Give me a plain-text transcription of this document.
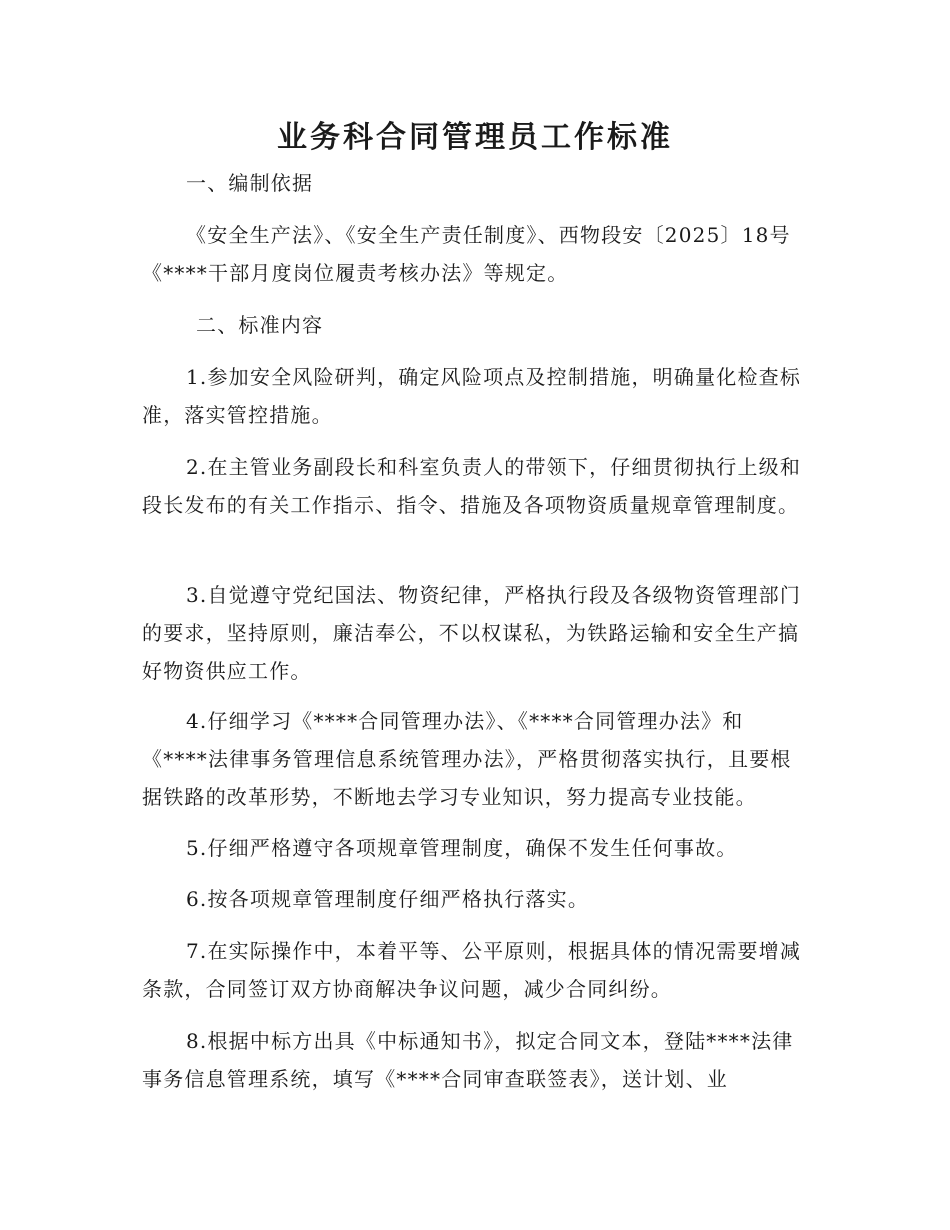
业务科合同管理员工作标准
一、编制依据
《安全生产法》、《安全生产责任制度》、西物段安〔2025〕18号《****干部月度岗位履责考核办法》等规定。
二、标准内容
1.参加安全风险研判，确定风险项点及控制措施，明确量化检查标准，落实管控措施。
2.在主管业务副段长和科室负责人的带领下，仔细贯彻执行上级和段长发布的有关工作指示、指令、措施及各项物资质量规章管理制度。
3.自觉遵守党纪国法、物资纪律，严格执行段及各级物资管理部门的要求，坚持原则，廉洁奉公，不以权谋私，为铁路运输和安全生产搞好物资供应工作。
4.仔细学习《****合同管理办法》、《****合同管理办法》和《****法律事务管理信息系统管理办法》，严格贯彻落实执行，且要根据铁路的改革形势，不断地去学习专业知识，努力提高专业技能。
5.仔细严格遵守各项规章管理制度，确保不发生任何事故。
6.按各项规章管理制度仔细严格执行落实。
7.在实际操作中，本着平等、公平原则，根据具体的情况需要增减条款，合同签订双方协商解决争议问题，减少合同纠纷。
8.根据中标方出具《中标通知书》，拟定合同文本，登陆****法律事务信息管理系统，填写《****合同审查联签表》，送计划、业
